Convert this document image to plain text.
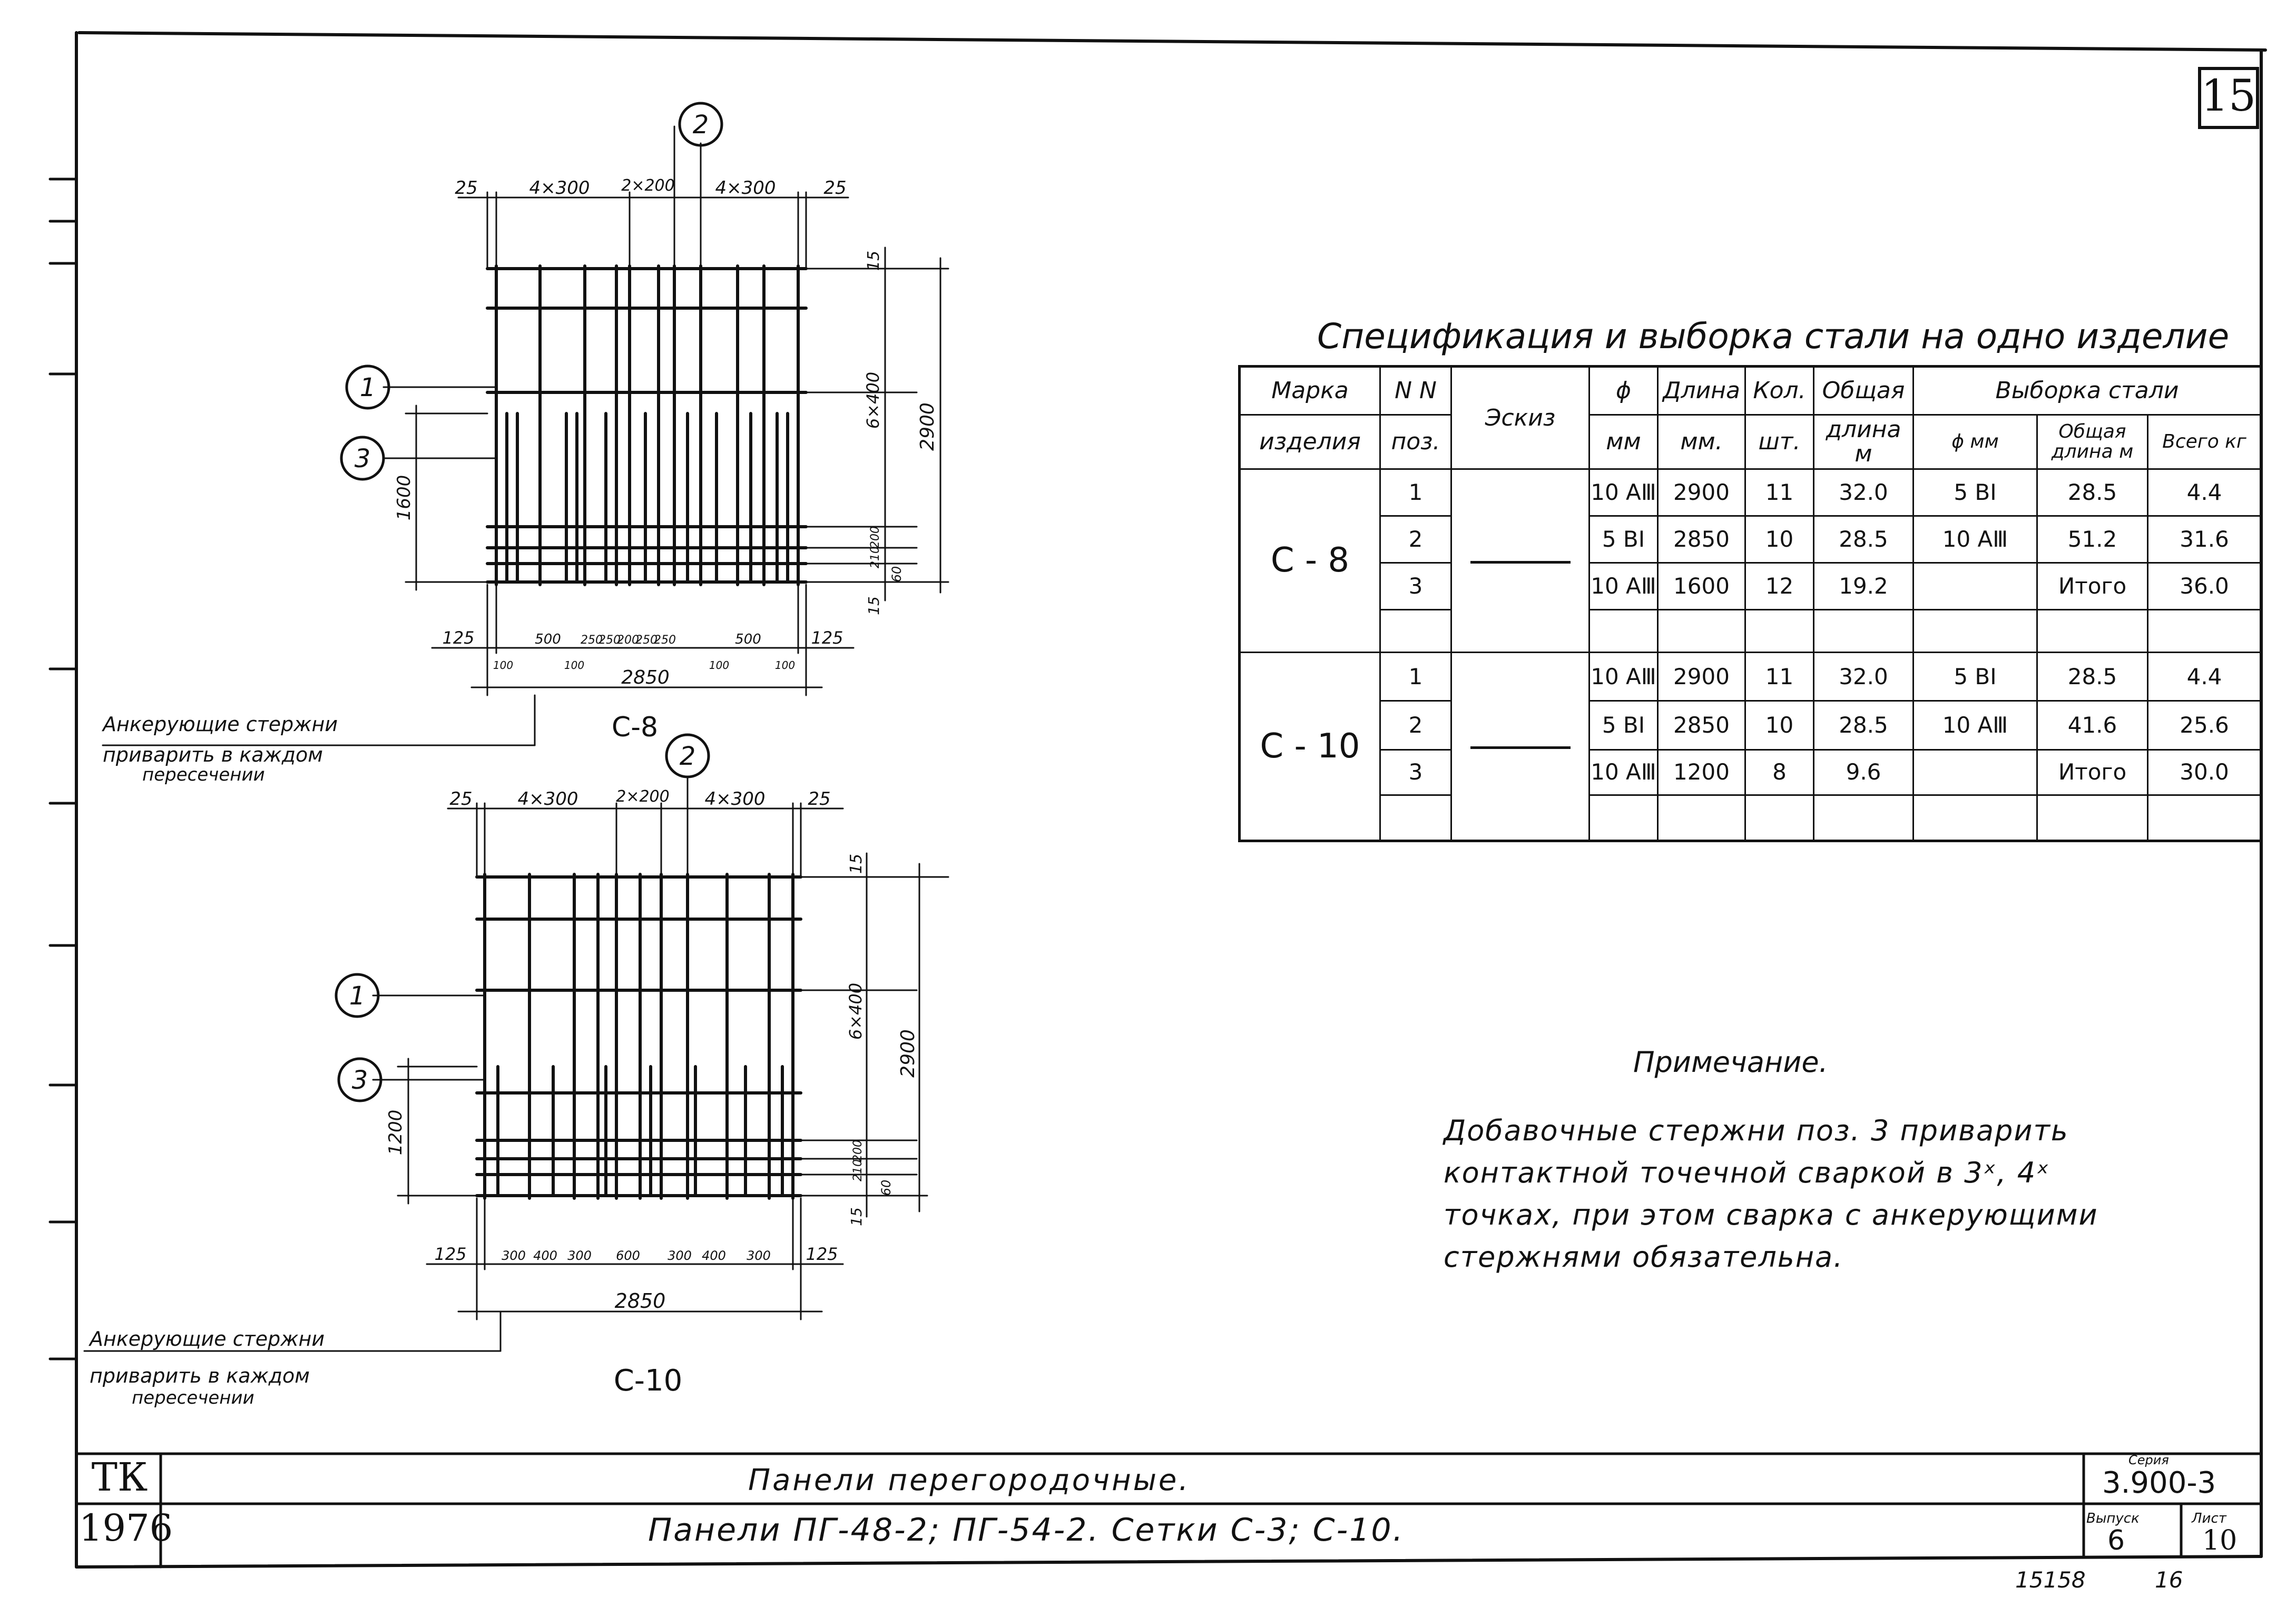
1
2
3
25	4×300 2×200 4×300	25
15
6×400
200
210
60
15
2900
1600
125	500 250
250
200
250
250	500	125
100	100	100	100
2850
С-8
Анкерующие стержни
приварить в каждом
пересечении
1
2
3
25	4×300 2×200 4×300 25
15
6×400
200
210
60
15
2900
1200
125	300 400 300 600 300 400 300 125
2850
С-10
Анкерующие стержни
приварить в каждом
пересечении
Спецификация и выборка стали на одно изделие
Марка	N N	Эскиз	ϕ	Длина	Кол.	Общая	Выборка стали		
изделия	поз.		мм	мм.	шт.	длина м	ϕ мм	Общая длина м	Всего кг
С - 8	1		10 АⅢ	2900	11	32.0	5 ВI	28.5	4.4
	2		5 ВI	2850	10	28.5	10 АⅢ	51.2	31.6
	3		10 АⅢ	1600	12	19.2		Итого	36.0

С - 10	1		10 АⅢ	2900	11	32.0	5 ВI	28.5	4.4
	2		5 ВI	2850	10	28.5	10 АⅢ	41.6	25.6
	3		10 АⅢ	1200	8	9.6		Итого	30.0

Примечание.
Добавочные стержни поз. 3 приварить
контактной точечной сваркой в 3ˣ, 4ˣ
точках, при этом сварка с анкерующими
стержнями обязательна.
15
ТК
1976
Панели перегородочные.
Панели ПГ-48-2; ПГ-54-2. Сетки С-3; С-10.
Серия
3.900-3
Выпуск	Лист
6	10
15158	16
